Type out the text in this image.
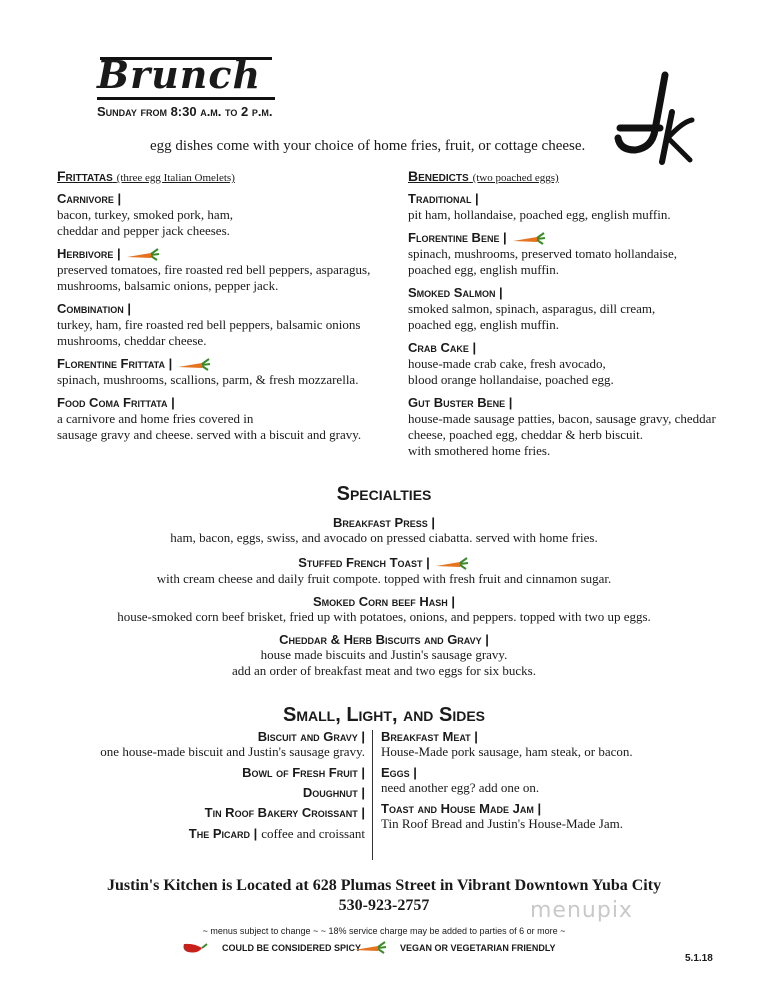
Brunch
Sunday from 8:30 a.m. to 2 p.m.
egg dishes come with your choice of home fries, fruit, or cottage cheese.
Frittatas (three egg Italian Omelets)
Carnivore |
bacon, turkey, smoked pork, ham,
cheddar and pepper jack cheeses.
Herbivore |
preserved tomatoes, fire roasted red bell peppers, asparagus,
mushrooms, balsamic onions, pepper jack.
Combination |
turkey, ham, fire roasted red bell peppers, balsamic onions
mushrooms, cheddar cheese.
Florentine Frittata |
spinach, mushrooms, scallions, parm, & fresh mozzarella.
Food Coma Frittata |
a carnivore and home fries covered in
sausage gravy and cheese. served with a biscuit and gravy.
Benedicts (two poached eggs)
Traditional |
pit ham, hollandaise, poached egg, english muffin.
Florentine Bene |
spinach, mushrooms, preserved tomato hollandaise,
poached egg, english muffin.
Smoked Salmon |
smoked salmon, spinach, asparagus, dill cream,
poached egg, english muffin.
Crab Cake |
house-made crab cake, fresh avocado,
blood orange hollandaise, poached egg.
Gut Buster Bene |
house-made sausage patties, bacon, sausage gravy, cheddar
cheese, poached egg, cheddar & herb biscuit.
with smothered home fries.
Specialties
Breakfast Press |
ham, bacon, eggs, swiss, and avocado on pressed ciabatta. served with home fries.
Stuffed French Toast |
with cream cheese and daily fruit compote. topped with fresh fruit and cinnamon sugar.
Smoked Corn beef Hash |
house-smoked corn beef brisket, fried up with potatoes, onions, and peppers. topped with two up eggs.
Cheddar & Herb Biscuits and Gravy |
house made biscuits and Justin's sausage gravy.
add an order of breakfast meat and two eggs for six bucks.
Small, Light, and Sides
Biscuit and Gravy |
one house-made biscuit and Justin's sausage gravy.
Bowl of Fresh Fruit |
Doughnut |
Tin Roof Bakery Croissant |
The Picard | coffee and croissant
Breakfast Meat |
House-Made pork sausage, ham steak, or bacon.
Eggs |
need another egg? add one on.
Toast and House Made Jam |
Tin Roof Bread and Justin's House-Made Jam.
Justin's Kitchen is Located at 628 Plumas Street in Vibrant Downtown Yuba City
530-923-2757
~ menus subject to change ~ ~ 18% service charge may be added to parties of 6 or more ~
menupix
COULD BE CONSIDERED SPICY	VEGAN OR VEGETARIAN FRIENDLY
5.1.18
